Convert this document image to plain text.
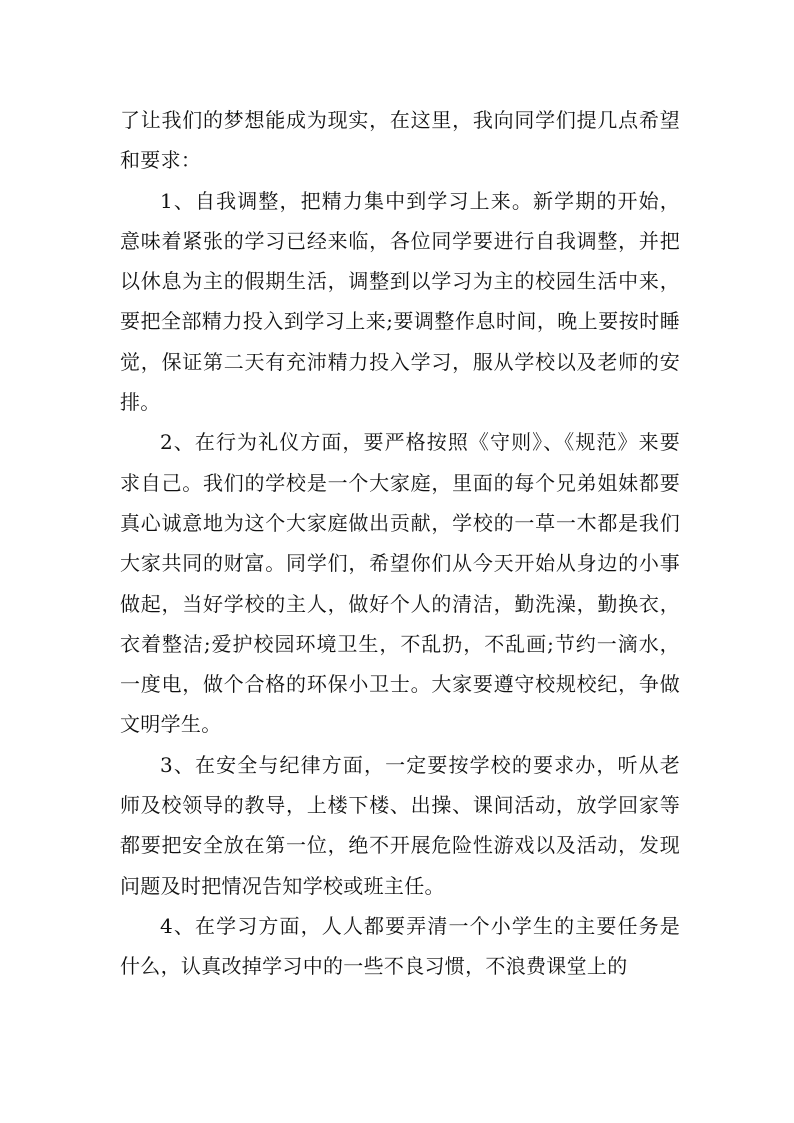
了让我们的梦想能成为现实，在这里，我向同学们提几点希望和要求：

1、自我调整，把精力集中到学习上来。新学期的开始，意味着紧张的学习已经来临，各位同学要进行自我调整，并把以休息为主的假期生活，调整到以学习为主的校园生活中来，要把全部精力投入到学习上来;要调整作息时间，晚上要按时睡觉，保证第二天有充沛精力投入学习，服从学校以及老师的安排。

2、在行为礼仪方面，要严格按照《守则》、《规范》来要求自己。我们的学校是一个大家庭，里面的每个兄弟姐妹都要真心诚意地为这个大家庭做出贡献，学校的一草一木都是我们大家共同的财富。同学们，希望你们从今天开始从身边的小事做起，当好学校的主人，做好个人的清洁，勤洗澡，勤换衣，衣着整洁;爱护校园环境卫生，不乱扔，不乱画;节约一滴水，一度电，做个合格的环保小卫士。大家要遵守校规校纪，争做文明学生。

3、在安全与纪律方面，一定要按学校的要求办，听从老师及校领导的教导，上楼下楼、出操、课间活动，放学回家等都要把安全放在第一位，绝不开展危险性游戏以及活动，发现问题及时把情况告知学校或班主任。

4、在学习方面，人人都要弄清一个小学生的主要任务是什么，认真改掉学习中的一些不良习惯，不浪费课堂上的
